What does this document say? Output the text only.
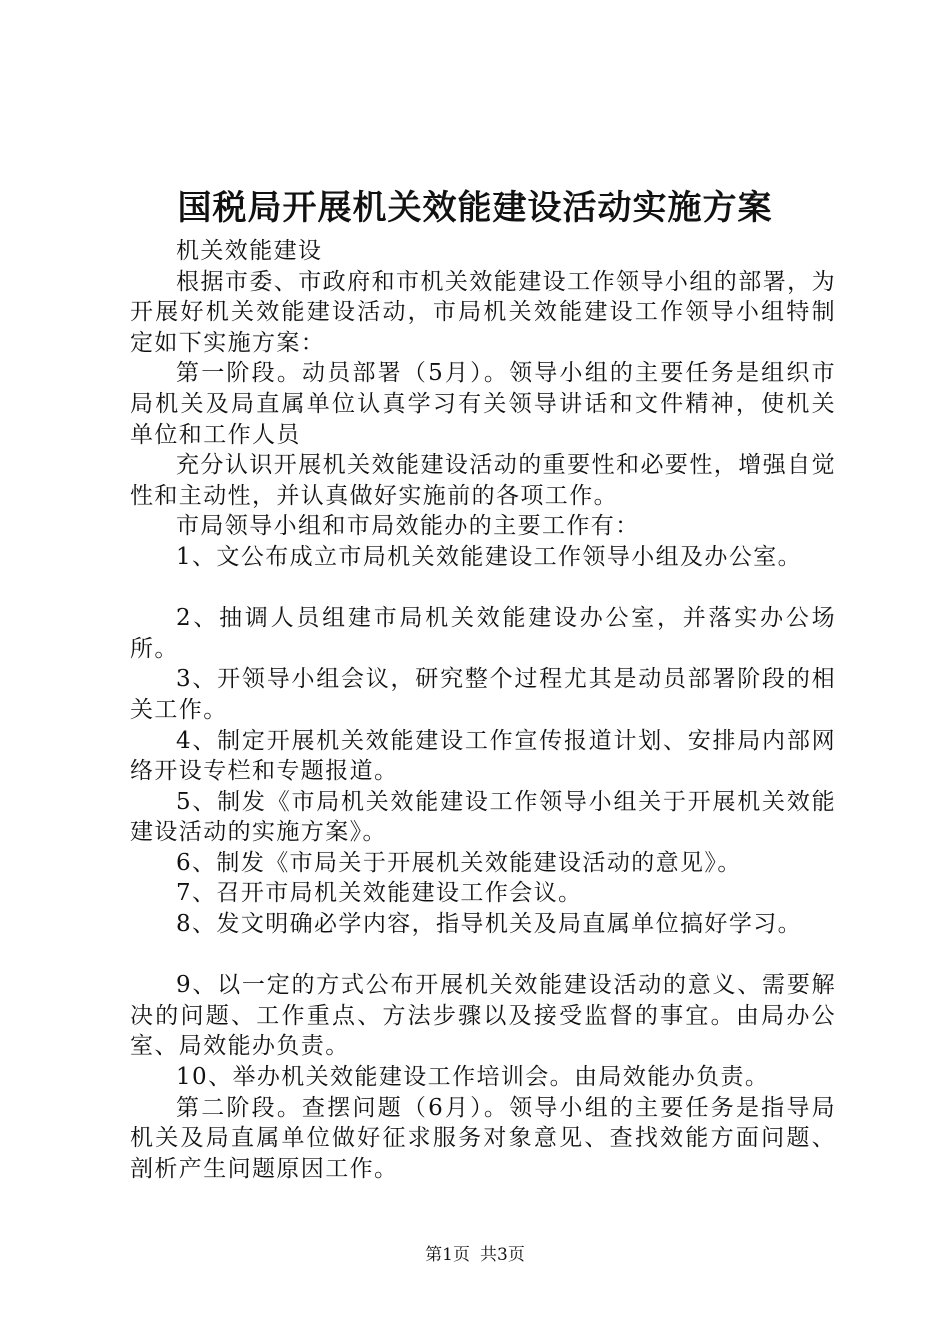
国税局开展机关效能建设活动实施方案

机关效能建设

根据市委、市政府和市机关效能建设工作领导小组的部署，为开展好机关效能建设活动，市局机关效能建设工作领导小组特制定如下实施方案：

第一阶段。动员部署（5月）。领导小组的主要任务是组织市局机关及局直属单位认真学习有关领导讲话和文件精神，使机关单位和工作人员

充分认识开展机关效能建设活动的重要性和必要性，增强自觉性和主动性，并认真做好实施前的各项工作。

市局领导小组和市局效能办的主要工作有：

1、文公布成立市局机关效能建设工作领导小组及办公室。

2、抽调人员组建市局机关效能建设办公室，并落实办公场所。

3、开领导小组会议，研究整个过程尤其是动员部署阶段的相关工作。

4、制定开展机关效能建设工作宣传报道计划、安排局内部网络开设专栏和专题报道。

5、制发《市局机关效能建设工作领导小组关于开展机关效能建设活动的实施方案》。

6、制发《市局关于开展机关效能建设活动的意见》。

7、召开市局机关效能建设工作会议。

8、发文明确必学内容，指导机关及局直属单位搞好学习。

9、以一定的方式公布开展机关效能建设活动的意义、需要解决的问题、工作重点、方法步骤以及接受监督的事宜。由局办公室、局效能办负责。

10、举办机关效能建设工作培训会。由局效能办负责。

第二阶段。查摆问题（6月）。领导小组的主要任务是指导局机关及局直属单位做好征求服务对象意见、查找效能方面问题、剖析产生问题原因工作。

第1页 共3页
